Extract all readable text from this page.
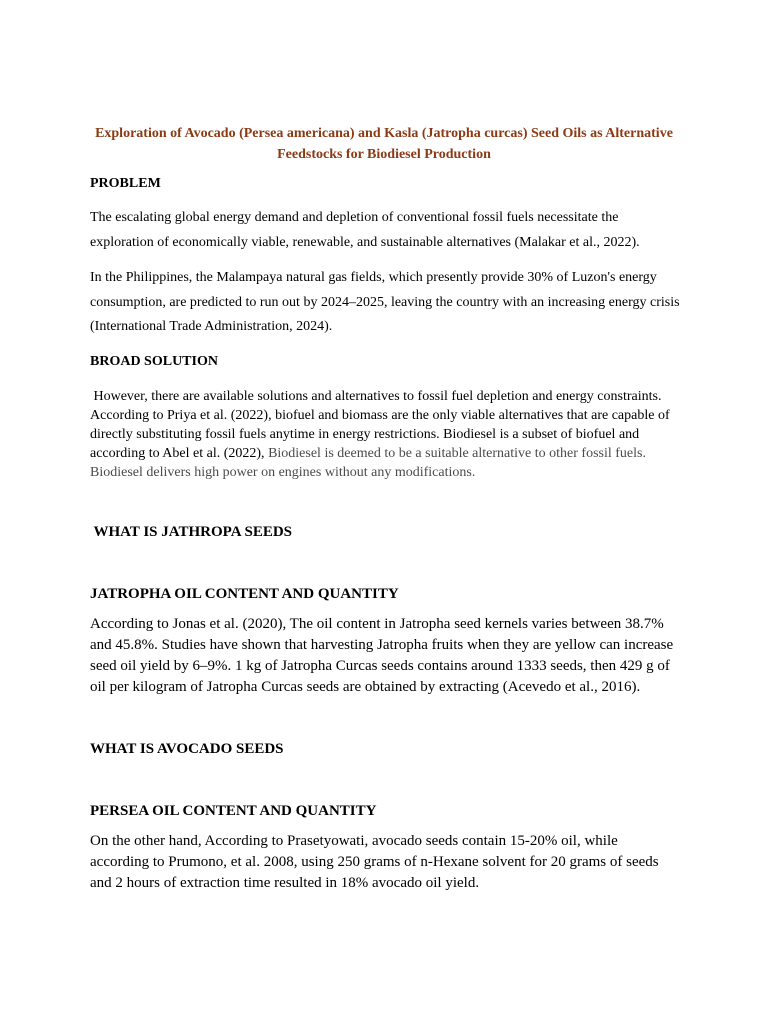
Exploration of Avocado (Persea americana) and Kasla (Jatropha curcas) Seed Oils as Alternative Feedstocks for Biodiesel Production
PROBLEM

The escalating global energy demand and depletion of conventional fossil fuels necessitate the exploration of economically viable, renewable, and sustainable alternatives (Malakar et al., 2022).

In the Philippines, the Malampaya natural gas fields, which presently provide 30% of Luzon's energy consumption, are predicted to run out by 2024–2025, leaving the country with an increasing energy crisis (International Trade Administration, 2024).

BROAD SOLUTION

However, there are available solutions and alternatives to fossil fuel depletion and energy constraints. According to Priya et al. (2022), biofuel and biomass are the only viable alternatives that are capable of directly substituting fossil fuels anytime in energy restrictions. Biodiesel is a subset of biofuel and according to Abel et al. (2022), Biodiesel is deemed to be a suitable alternative to other fossil fuels. Biodiesel delivers high power on engines without any modifications.

WHAT IS JATHROPA SEEDS
JATROPHA OIL CONTENT AND QUANTITY

According to Jonas et al. (2020), The oil content in Jatropha seed kernels varies between 38.7% and 45.8%. Studies have shown that harvesting Jatropha fruits when they are yellow can increase seed oil yield by 6–9%. 1 kg of Jatropha Curcas seeds contains around 1333 seeds, then 429 g of oil per kilogram of Jatropha Curcas seeds are obtained by extracting (Acevedo et al., 2016).

WHAT IS AVOCADO SEEDS
PERSEA OIL CONTENT AND QUANTITY

On the other hand, According to Prasetyowati, avocado seeds contain 15-20% oil, while according to Prumono, et al. 2008, using 250 grams of n-Hexane solvent for 20 grams of seeds and 2 hours of extraction time resulted in 18% avocado oil yield.
